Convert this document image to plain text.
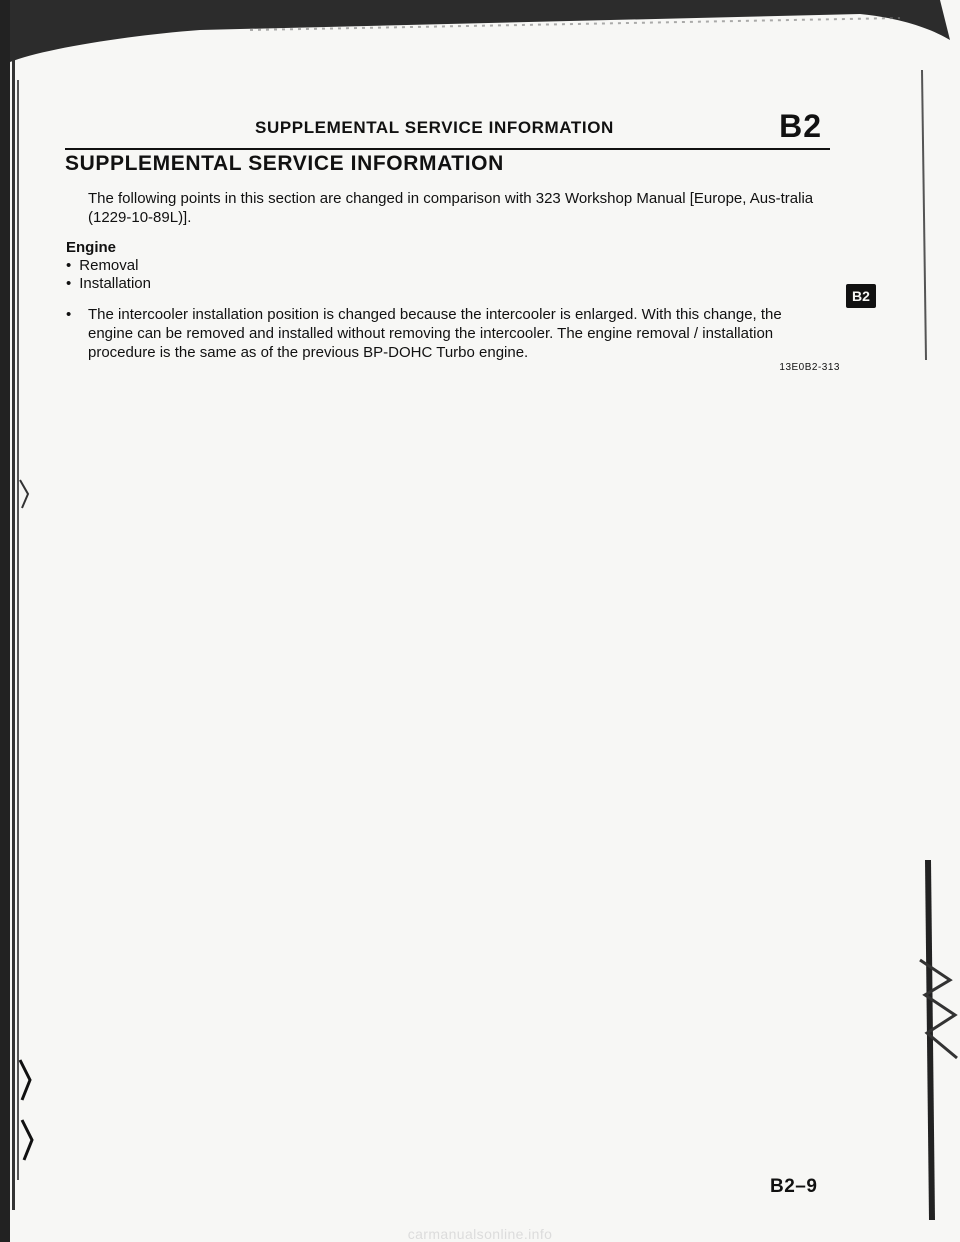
SUPPLEMENTAL SERVICE INFORMATION	B2
SUPPLEMENTAL SERVICE INFORMATION
The following points in this section are changed in comparison with 323 Workshop Manual [Europe, Aus-tralia (1229-10-89L)].
Engine
• Removal
• Installation
• The intercooler installation position is changed because the intercooler is enlarged. With this change, the engine can be removed and installed without removing the intercooler. The engine removal / installation procedure is the same as of the previous BP-DOHC Turbo engine.
13E0B2-313
B2
B2–9
carmanualsonline.info
